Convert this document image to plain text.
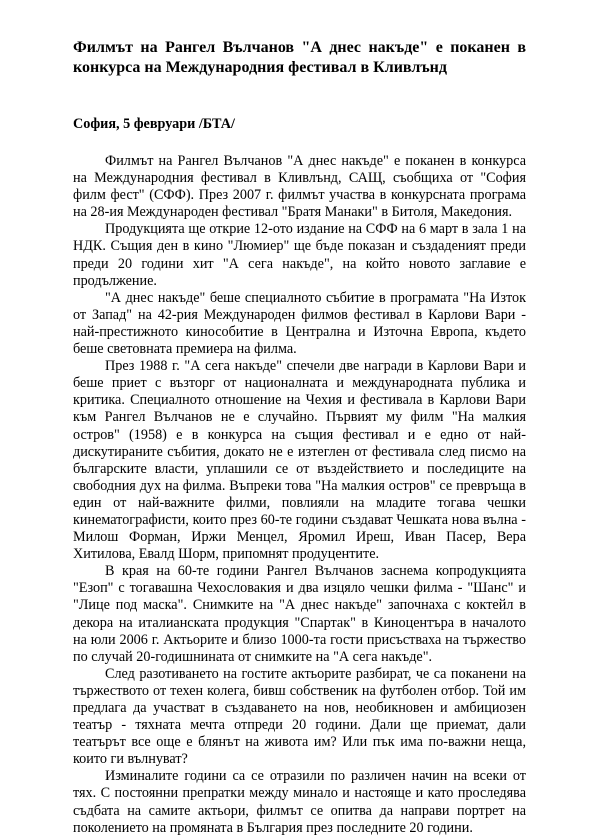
Филмът на Рангел Вълчанов "А днес накъде" е поканен в конкурса на Международния фестивал в Кливлънд
София, 5 февруари /БТА/

Филмът на Рангел Вълчанов "А днес накъде" е поканен в конкурса на Международния фестивал в Кливлънд, САЩ, съобщиха от "София филм фест" (СФФ). През 2007 г. филмът участва в конкурсната програма на 28-ия Международен фестивал "Братя Манаки" в Битоля, Македония.

Продукцията ще открие 12-ото издание на СФФ на 6 март в зала 1 на НДК. Същия ден в кино "Люмиер" ще бъде показан и създаденият преди преди 20 години хит "А сега накъде", на който новото заглавие е продължение.

"А днес накъде" беше специалното събитие в програмата "На Изток от Запад" на 42-рия Международен филмов фестивал в Карлови Вари - най-престижното кинособитие в Централна и Източна Европа, където беше световната премиера на филма.

През 1988 г. "А сега накъде" спечели две награди в Карлови Вари и беше приет с възторг от националната и международната публика и критика. Специалното отношение на Чехия и фестивала в Карлови Вари към Рангел Вълчанов не е случайно. Първият му филм "На малкия остров" (1958) е в конкурса на същия фестивал и е едно от най-дискутираните събития, докато не е изтеглен от фестивала след писмо на българските власти, уплашили се от въздействието и последиците на свободния дух на филма. Въпреки това "На малкия остров" се превръща в един от най-важните филми, повлияли на младите тогава чешки кинематографисти, които през 60-те години създават Чешката нова вълна - Милош Форман, Иржи Менцел, Яромил Иреш, Иван Пасер, Вера Хитилова, Евалд Шорм, припомнят продуцентите.

В края на 60-те години Рангел Вълчанов заснема копродукцията "Езоп" с тогавашна Чехословакия и два изцяло чешки филма - "Шанс" и "Лице под маска". Снимките на "А днес накъде" започнаха с коктейл в декора на италианската продукция "Спартак" в Киноцентъра в началото на юли 2006 г. Актьорите и близо 1000-та гости присъстваха на тържество по случай 20-годишнината от снимките на "А сега накъде".

След разотиването на гостите актьорите разбират, че са поканени на тържеството от техен колега, бивш собственик на футболен отбор. Той им предлага да участват в създаването на нов, необикновен и амбициозен театър - тяхната мечта отпреди 20 години. Дали ще приемат, дали театърът все още е блянът на живота им? Или пък има по-важни неща, които ги вълнуват?

Изминалите години са се отразили по различен начин на всеки от тях. С постоянни препратки между минало и настояще и като проследява съдбата на самите актьори, филмът се опитва да направи портрет на поколението на промяната в България през последните 20 години.
